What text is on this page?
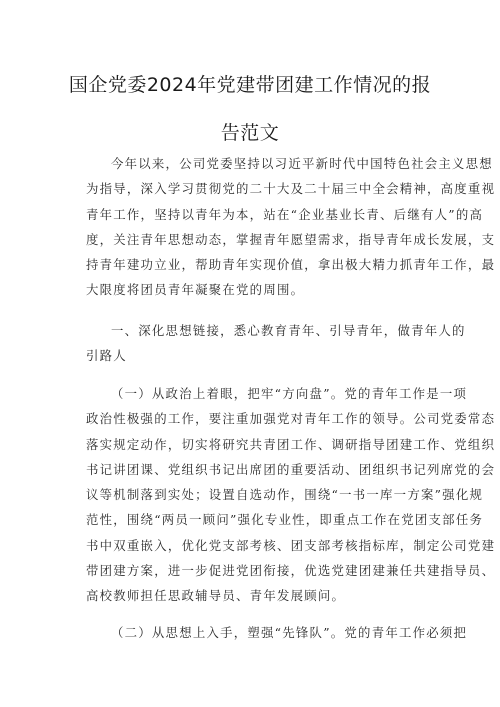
国企党委2024年党建带团建工作情况的报
告范文
今年以来，公司党委坚持以习近平新时代中国特色社会主义思想
为指导，深入学习贯彻党的二十大及二十届三中全会精神，高度重视
青年工作，坚持以青年为本，站在“企业基业长青、后继有人”的高
度，关注青年思想动态，掌握青年愿望需求，指导青年成长发展，支
持青年建功立业，帮助青年实现价值，拿出极大精力抓青年工作，最
大限度将团员青年凝聚在党的周围。
一、深化思想链接，悉心教育青年、引导青年，做青年人的
引路人
（一）从政治上着眼，把牢“方向盘”。党的青年工作是一项
政治性极强的工作，要注重加强党对青年工作的领导。公司党委常态
落实规定动作，切实将研究共青团工作、调研指导团建工作、党组织
书记讲团课、党组织书记出席团的重要活动、团组织书记列席党的会
议等机制落到实处；设置自选动作，围绕“一书一库一方案”强化规
范性，围绕“两员一顾问”强化专业性，即重点工作在党团支部任务
书中双重嵌入，优化党支部考核、团支部考核指标库，制定公司党建
带团建方案，进一步促进党团衔接，优选党建团建兼任共建指导员、
高校教师担任思政辅导员、青年发展顾问。
（二）从思想上入手，塑强“先锋队”。党的青年工作必须把
